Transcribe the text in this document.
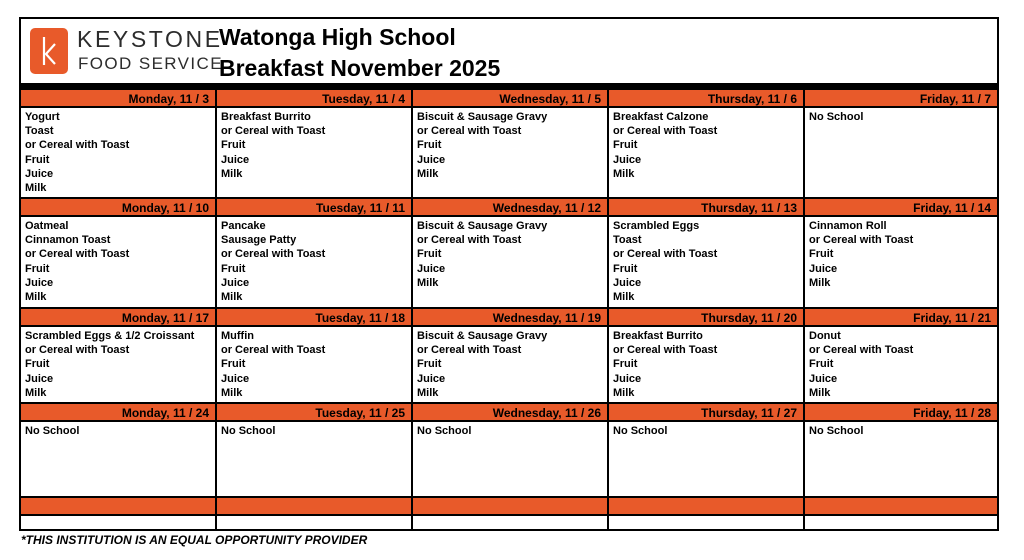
KEYSTONE
FOOD SERVICE
Watonga High School
Breakfast November 2025
Monday, 11 / 3
Yogurt
Toast
or Cereal with Toast
Fruit
Juice
Milk
Tuesday, 11 / 4
Breakfast Burrito
or Cereal with Toast
Fruit
Juice
Milk
Wednesday, 11 / 5
Biscuit & Sausage Gravy
or Cereal with Toast
Fruit
Juice
Milk
Thursday, 11 / 6
Breakfast Calzone
or Cereal with Toast
Fruit
Juice
Milk
Friday, 11 / 7
No School
Monday, 11 / 10
Oatmeal
Cinnamon Toast
or Cereal with Toast
Fruit
Juice
Milk
Tuesday, 11 / 11
Pancake
Sausage Patty
or Cereal with Toast
Fruit
Juice
Milk
Wednesday, 11 / 12
Biscuit & Sausage Gravy
or Cereal with Toast
Fruit
Juice
Milk
Thursday, 11 / 13
Scrambled Eggs
Toast
or Cereal with Toast
Fruit
Juice
Milk
Friday, 11 / 14
Cinnamon Roll
or Cereal with Toast
Fruit
Juice
Milk
Monday, 11 / 17
Scrambled Eggs & 1/2 Croissant
or Cereal with Toast
Fruit
Juice
Milk
Tuesday, 11 / 18
Muffin
or Cereal with Toast
Fruit
Juice
Milk
Wednesday, 11 / 19
Biscuit & Sausage Gravy
or Cereal with Toast
Fruit
Juice
Milk
Thursday, 11 / 20
Breakfast Burrito
or Cereal with Toast
Fruit
Juice
Milk
Friday, 11 / 21
Donut
or Cereal with Toast
Fruit
Juice
Milk
Monday, 11 / 24
No School
Tuesday, 11 / 25
No School
Wednesday, 11 / 26
No School
Thursday, 11 / 27
No School
Friday, 11 / 28
No School
*THIS INSTITUTION IS AN EQUAL OPPORTUNITY PROVIDER
